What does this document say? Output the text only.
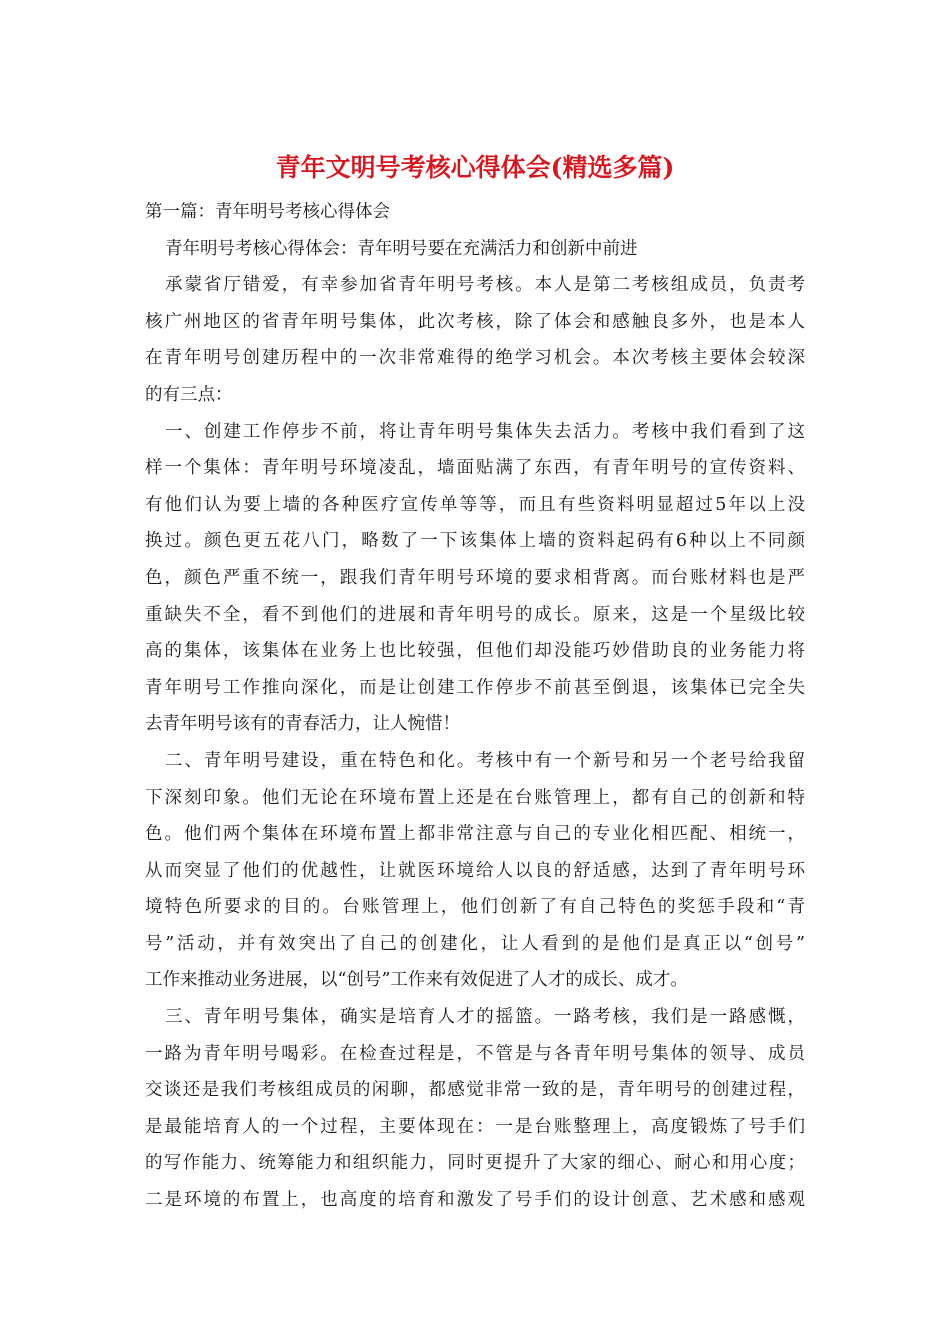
青年文明号考核心得体会(精选多篇)
第一篇：青年明号考核心得体会
青年明号考核心得体会：青年明号要在充满活力和创新中前进
承蒙省厅错爱，有幸参加省青年明号考核。本人是第二考核组成员，负责考
核广州地区的省青年明号集体，此次考核，除了体会和感触良多外，也是本人
在青年明号创建历程中的一次非常难得的绝学习机会。本次考核主要体会较深
的有三点：
一、创建工作停步不前，将让青年明号集体失去活力。考核中我们看到了这
样一个集体：青年明号环境凌乱，墙面贴满了东西，有青年明号的宣传资料、
有他们认为要上墙的各种医疗宣传单等等，而且有些资料明显超过5年以上没
换过。颜色更五花八门，略数了一下该集体上墙的资料起码有6种以上不同颜
色，颜色严重不统一，跟我们青年明号环境的要求相背离。而台账材料也是严
重缺失不全，看不到他们的进展和青年明号的成长。原来，这是一个星级比较
高的集体，该集体在业务上也比较强，但他们却没能巧妙借助良的业务能力将
青年明号工作推向深化，而是让创建工作停步不前甚至倒退，该集体已完全失
去青年明号该有的青春活力，让人惋惜！
二、青年明号建设，重在特色和化。考核中有一个新号和另一个老号给我留
下深刻印象。他们无论在环境布置上还是在台账管理上，都有自己的创新和特
色。他们两个集体在环境布置上都非常注意与自己的专业化相匹配、相统一，
从而突显了他们的优越性，让就医环境给人以良的舒适感，达到了青年明号环
境特色所要求的目的。台账管理上，他们创新了有自己特色的奖惩手段和“青
号”活动，并有效突出了自己的创建化，让人看到的是他们是真正以“创号”
工作来推动业务进展，以“创号”工作来有效促进了人才的成长、成才。
三、青年明号集体，确实是培育人才的摇篮。一路考核，我们是一路感慨，
一路为青年明号喝彩。在检查过程是，不管是与各青年明号集体的领导、成员
交谈还是我们考核组成员的闲聊，都感觉非常一致的是，青年明号的创建过程，
是最能培育人的一个过程，主要体现在：一是台账整理上，高度锻炼了号手们
的写作能力、统筹能力和组织能力，同时更提升了大家的细心、耐心和用心度；
二是环境的布置上，也高度的培育和激发了号手们的设计创意、艺术感和感观
